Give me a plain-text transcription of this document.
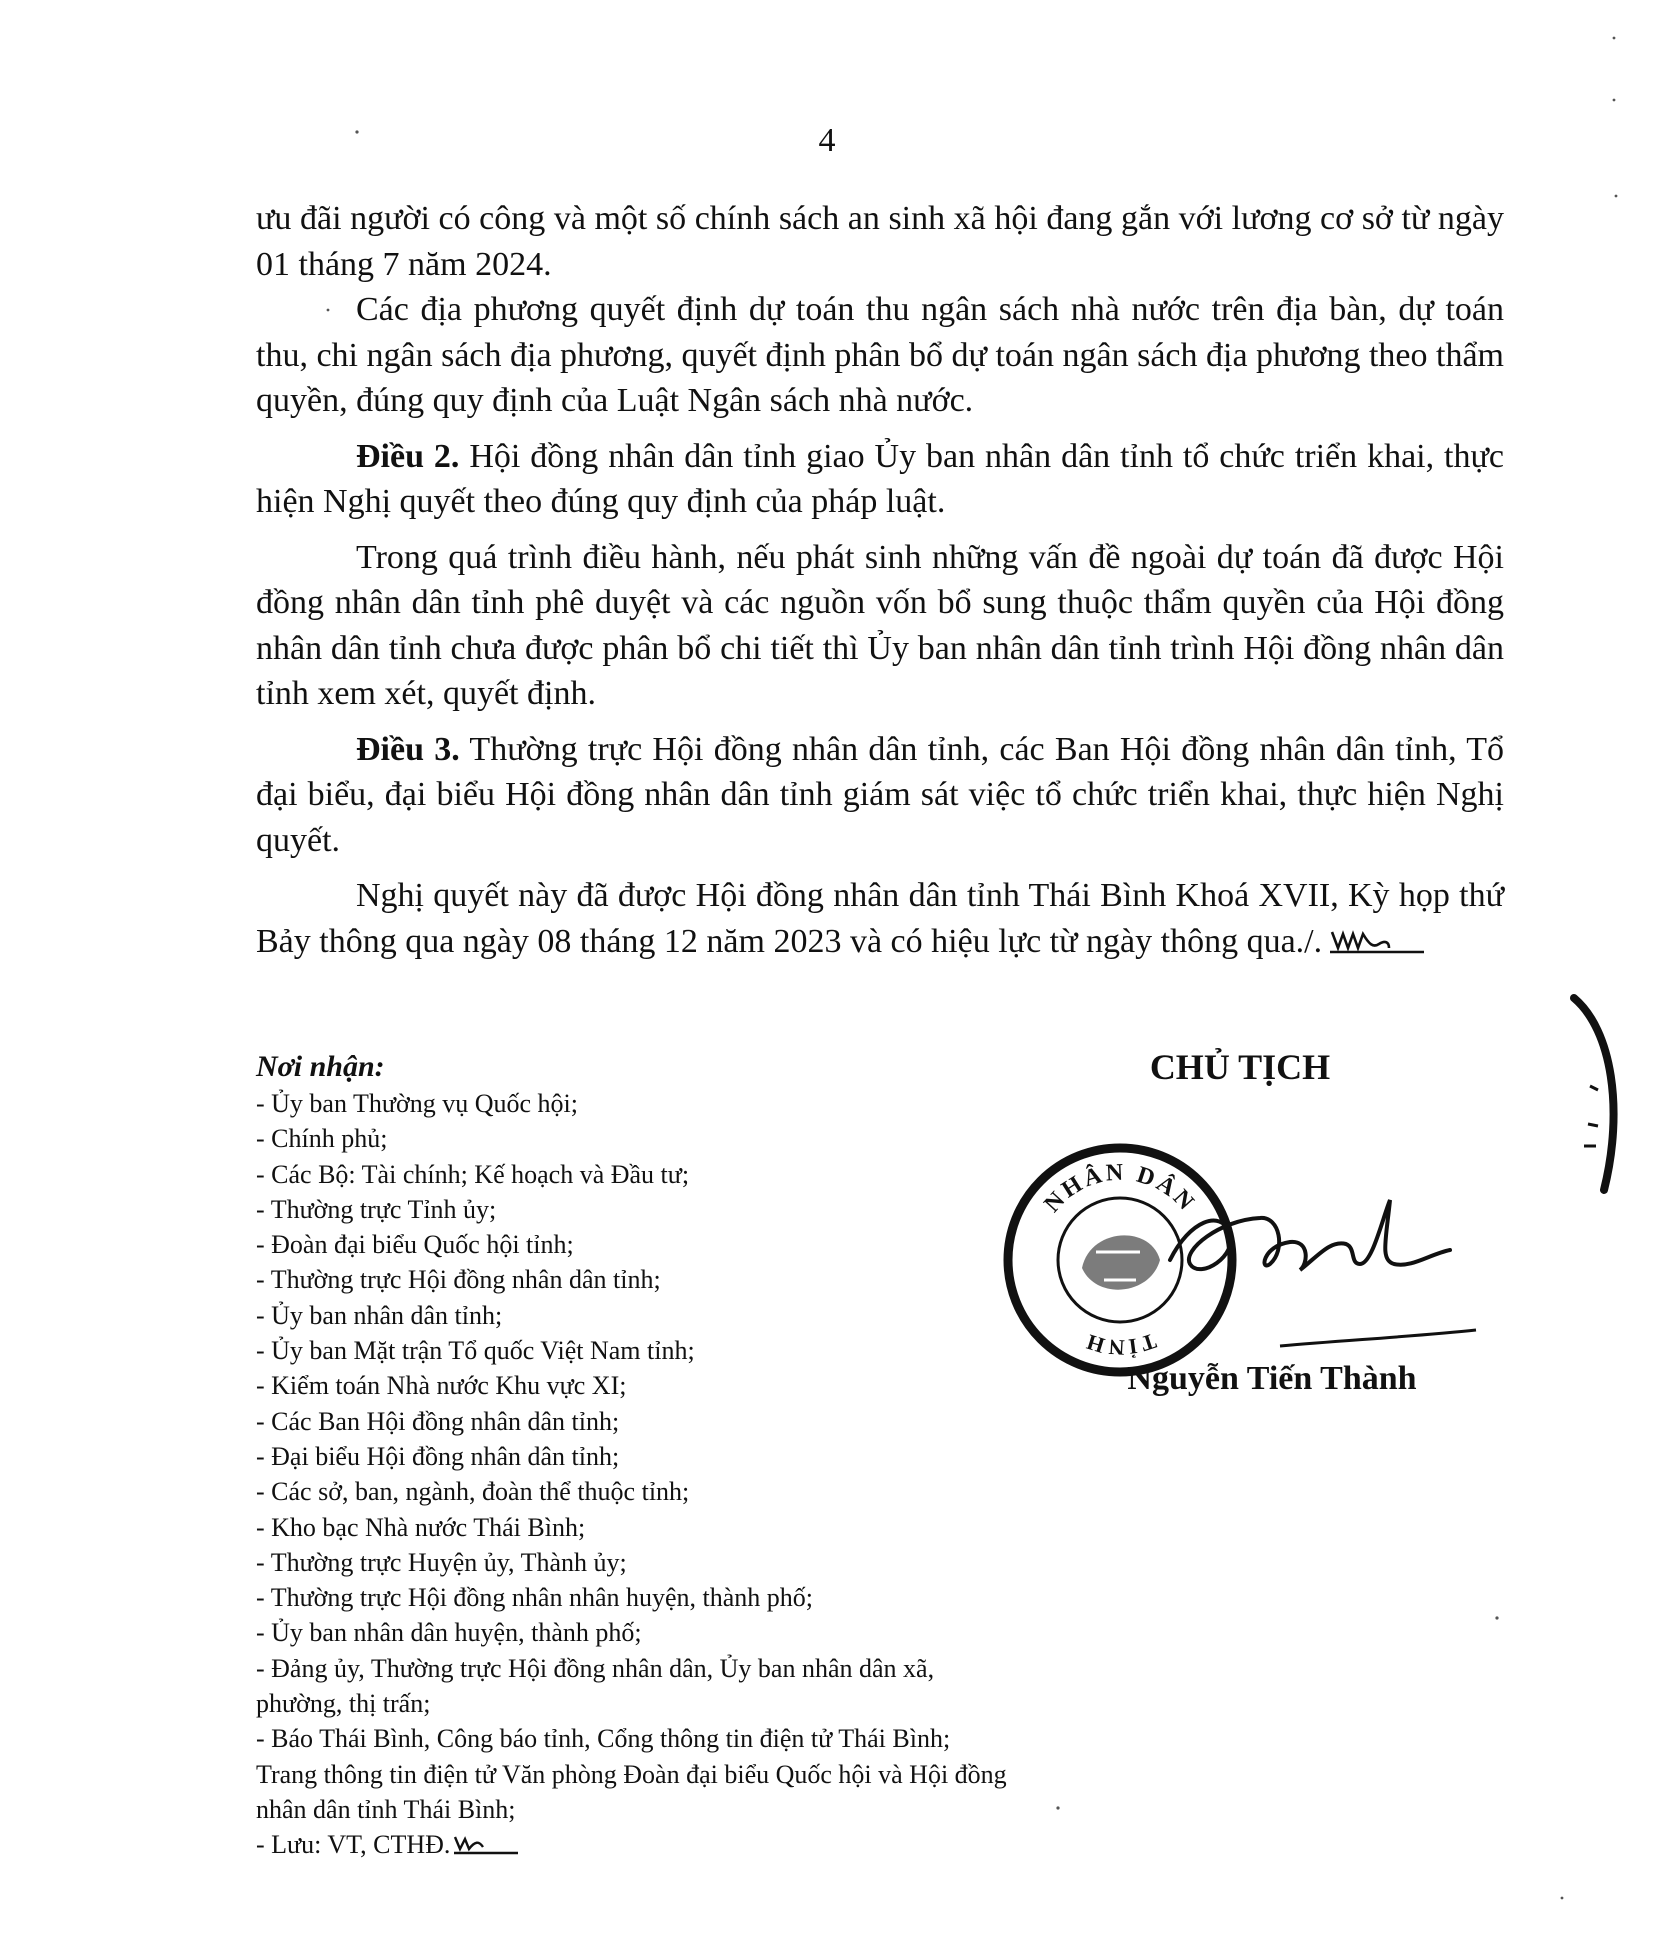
4

ưu đãi người có công và một số chính sách an sinh xã hội đang gắn với lương cơ sở từ ngày 01 tháng 7 năm 2024.

Các địa phương quyết định dự toán thu ngân sách nhà nước trên địa bàn, dự toán thu, chi ngân sách địa phương, quyết định phân bổ dự toán ngân sách địa phương theo thẩm quyền, đúng quy định của Luật Ngân sách nhà nước.

Điều 2. Hội đồng nhân dân tỉnh giao Ủy ban nhân dân tỉnh tổ chức triển khai, thực hiện Nghị quyết theo đúng quy định của pháp luật.

Trong quá trình điều hành, nếu phát sinh những vấn đề ngoài dự toán đã được Hội đồng nhân dân tỉnh phê duyệt và các nguồn vốn bổ sung thuộc thẩm quyền của Hội đồng nhân dân tỉnh chưa được phân bổ chi tiết thì Ủy ban nhân dân tỉnh trình Hội đồng nhân dân tỉnh xem xét, quyết định.

Điều 3. Thường trực Hội đồng nhân dân tỉnh, các Ban Hội đồng nhân dân tỉnh, Tổ đại biểu, đại biểu Hội đồng nhân dân tỉnh giám sát việc tổ chức triển khai, thực hiện Nghị quyết.

Nghị quyết này đã được Hội đồng nhân dân tỉnh Thái Bình Khoá XVII, Kỳ họp thứ Bảy thông qua ngày 08 tháng 12 năm 2023 và có hiệu lực từ ngày thông qua./.

Nơi nhận:
- Ủy ban Thường vụ Quốc hội;
- Chính phủ;
- Các Bộ: Tài chính; Kế hoạch và Đầu tư;
- Thường trực Tỉnh ủy;
- Đoàn đại biểu Quốc hội tỉnh;
- Thường trực Hội đồng nhân dân tỉnh;
- Ủy ban nhân dân tỉnh;
- Ủy ban Mặt trận Tổ quốc Việt Nam tỉnh;
- Kiểm toán Nhà nước Khu vực XI;
- Các Ban Hội đồng nhân dân tỉnh;
- Đại biểu Hội đồng nhân dân tỉnh;
- Các sở, ban, ngành, đoàn thể thuộc tỉnh;
- Kho bạc Nhà nước Thái Bình;
- Thường trực Huyện ủy, Thành ủy;
- Thường trực Hội đồng nhân nhân huyện, thành phố;
- Ủy ban nhân dân huyện, thành phố;
- Đảng ủy, Thường trực Hội đồng nhân dân, Ủy ban nhân dân xã, phường, thị trấn;
- Báo Thái Bình, Công báo tỉnh, Cổng thông tin điện tử Thái Bình; Trang thông tin điện tử Văn phòng Đoàn đại biểu Quốc hội và Hội đồng nhân dân tỉnh Thái Bình;
- Lưu: VT, CTHĐ.
CHỦ TỊCH
NHÂN DÂN
TỈNH
Nguyễn Tiến Thành
